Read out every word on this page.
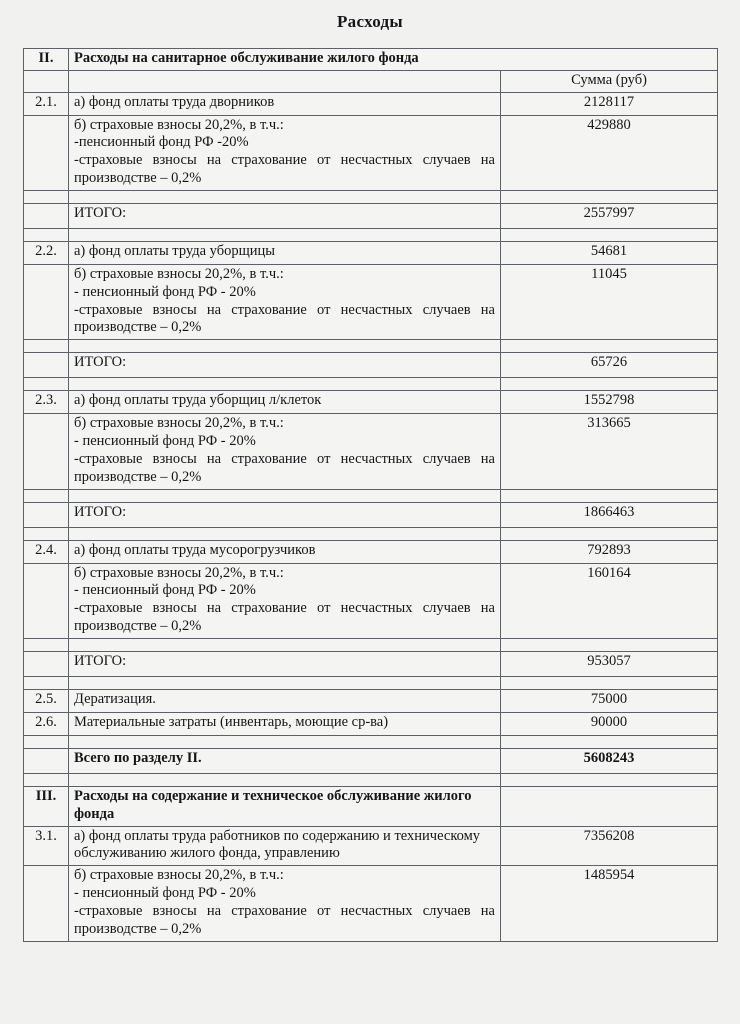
Расходы
II.	Расходы на санитарное обслуживание жилого фонда	
		Сумма (руб)
2.1.	а) фонд оплаты труда дворников	2128117

	б) страховые взносы 20,2%, в т.ч.:
-пенсионный фонд РФ -20%
-страховые взносы на страхование от несчастных случаев на производстве – 0,2%	429880

	ИТОГО:	2557997

2.2.	а) фонд оплаты труда уборщицы	54681

	б) страховые взносы 20,2%, в т.ч.:
- пенсионный фонд РФ - 20%
-страховые взносы на страхование от несчастных случаев на производстве – 0,2%	11045

	ИТОГО:	65726

2.3.	а) фонд оплаты труда уборщиц л/клеток	1552798

	б) страховые взносы 20,2%, в т.ч.:
- пенсионный фонд РФ - 20%
-страховые взносы на страхование от несчастных случаев на производстве – 0,2%	313665

	ИТОГО:	1866463

2.4.	а) фонд оплаты труда мусорогрузчиков	792893

	б) страховые взносы 20,2%, в т.ч.:
- пенсионный фонд РФ - 20%
-страховые взносы на страхование от несчастных случаев на производстве – 0,2%	160164

	ИТОГО:	953057

2.5.	Дератизация.	75000
2.6.	Материальные затраты (инвентарь, моющие ср-ва)	90000

	Всего по разделу II.	5608243

III.	Расходы на содержание и техническое обслуживание жилого фонда	
3.1.	а) фонд оплаты труда работников по содержанию и техническому обслуживанию жилого фонда, управлению	7356208

	б) страховые взносы 20,2%, в т.ч.:
- пенсионный фонд РФ - 20%
-страховые взносы на страхование от несчастных случаев на производстве – 0,2%	1485954
